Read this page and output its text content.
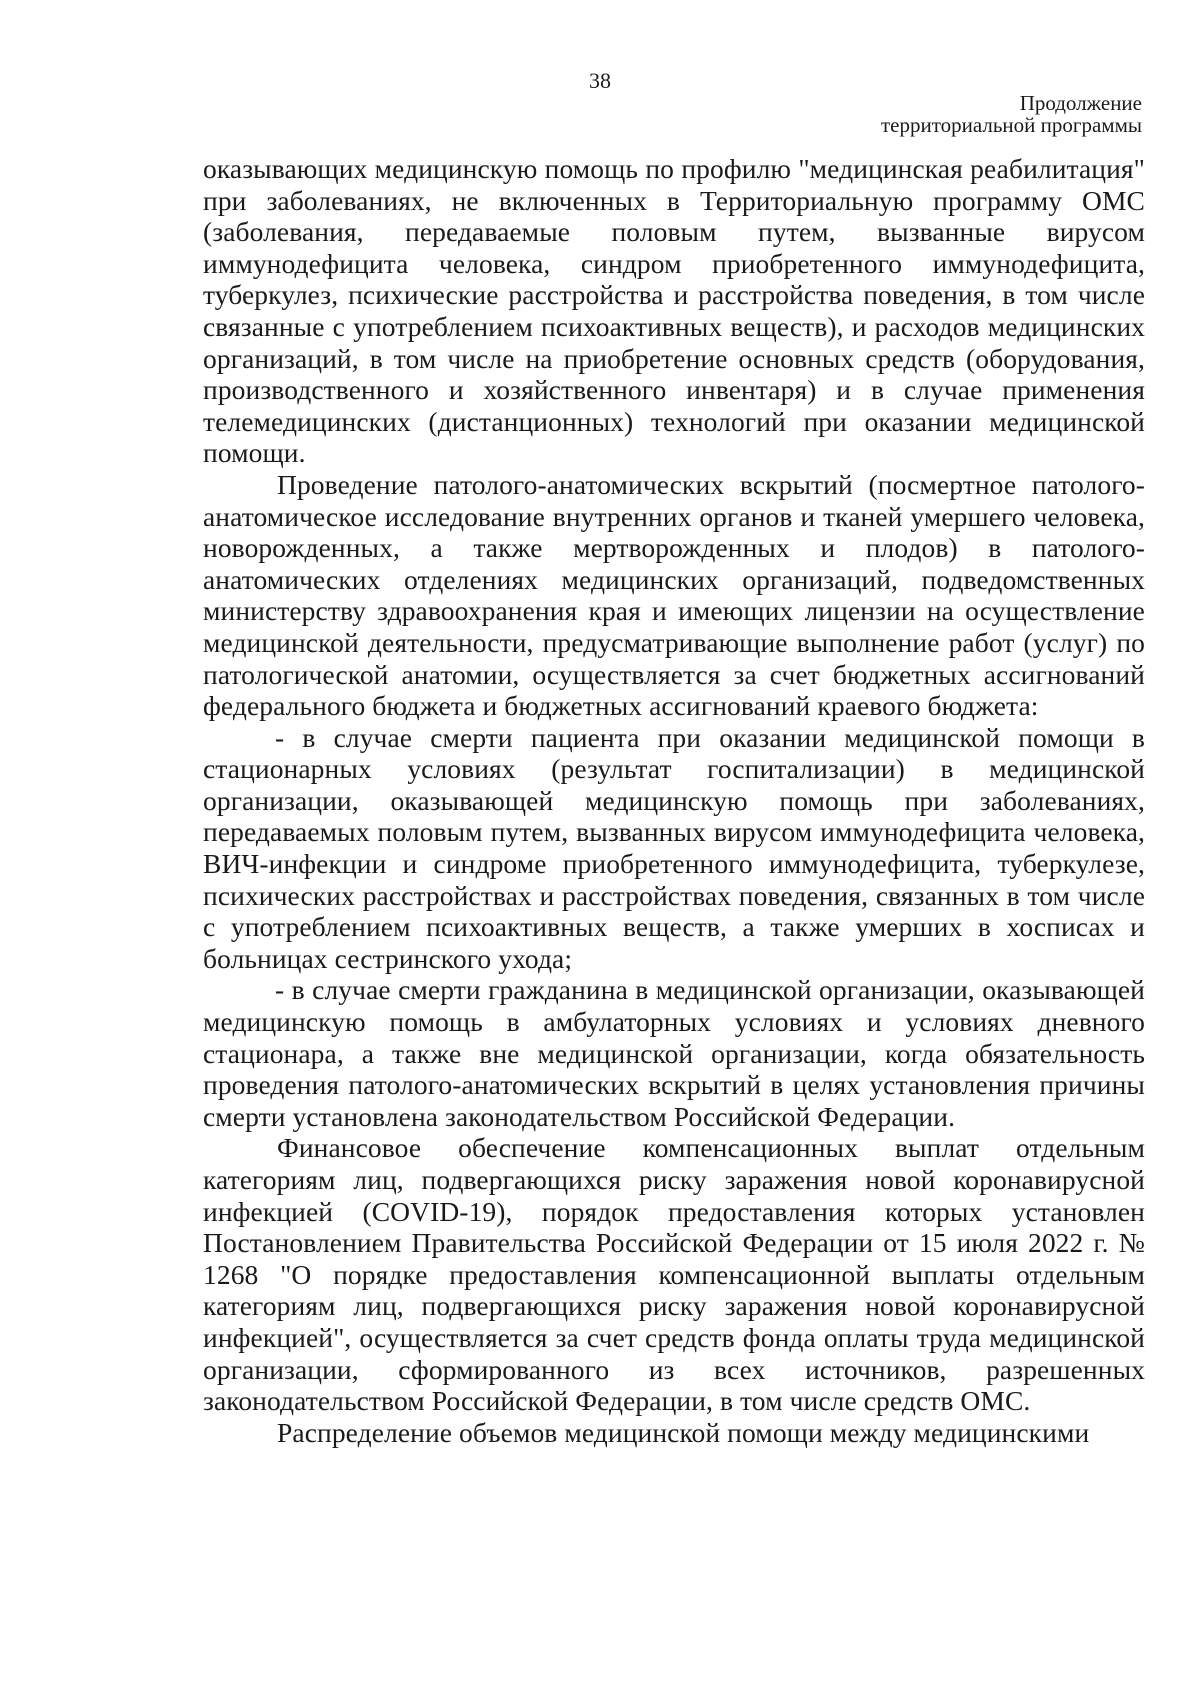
38
Продолжение
территориальной программы

оказывающих медицинскую помощь по профилю "медицинская реабилитация" при заболеваниях, не включенных в Территориальную программу ОМС (заболевания, передаваемые половым путем, вызванные вирусом иммунодефицита человека, синдром приобретенного иммунодефицита, туберкулез, психические расстройства и расстройства поведения, в том числе связанные с употреблением психоактивных веществ), и расходов медицинских организаций, в том числе на приобретение основных средств (оборудования, производственного и хозяйственного инвентаря) и в случае применения телемедицинских (дистанционных) технологий при оказании медицинской помощи.

Проведение патолого-анатомических вскрытий (посмертное патолого-анатомическое исследование внутренних органов и тканей умершего человека, новорожденных, а также мертворожденных и плодов) в патолого-анатомических отделениях медицинских организаций, подведомственных министерству здравоохранения края и имеющих лицензии на осуществление медицинской деятельности, предусматривающие выполнение работ (услуг) по патологической анатомии, осуществляется за счет бюджетных ассигнований федерального бюджета и бюджетных ассигнований краевого бюджета:

- в случае смерти пациента при оказании медицинской помощи в стационарных условиях (результат госпитализации) в медицинской организации, оказывающей медицинскую помощь при заболеваниях, передаваемых половым путем, вызванных вирусом иммунодефицита человека, ВИЧ-инфекции и синдроме приобретенного иммунодефицита, туберкулезе, психических расстройствах и расстройствах поведения, связанных в том числе с употреблением психоактивных веществ, а также умерших в хосписах и больницах сестринского ухода;

- в случае смерти гражданина в медицинской организации, оказывающей медицинскую помощь в амбулаторных условиях и условиях дневного стационара, а также вне медицинской организации, когда обязательность проведения патолого-анатомических вскрытий в целях установления причины смерти установлена законодательством Российской Федерации.

Финансовое обеспечение компенсационных выплат отдельным категориям лиц, подвергающихся риску заражения новой коронавирусной инфекцией (COVID-19), порядок предоставления которых установлен Постановлением Правительства Российской Федерации от 15 июля 2022 г. № 1268 "О порядке предоставления компенсационной выплаты отдельным категориям лиц, подвергающихся риску заражения новой коронавирусной инфекцией", осуществляется за счет средств фонда оплаты труда медицинской организации, сформированного из всех источников, разрешенных законодательством Российской Федерации, в том числе средств ОМС.

Распределение объемов медицинской помощи между медицинскими
